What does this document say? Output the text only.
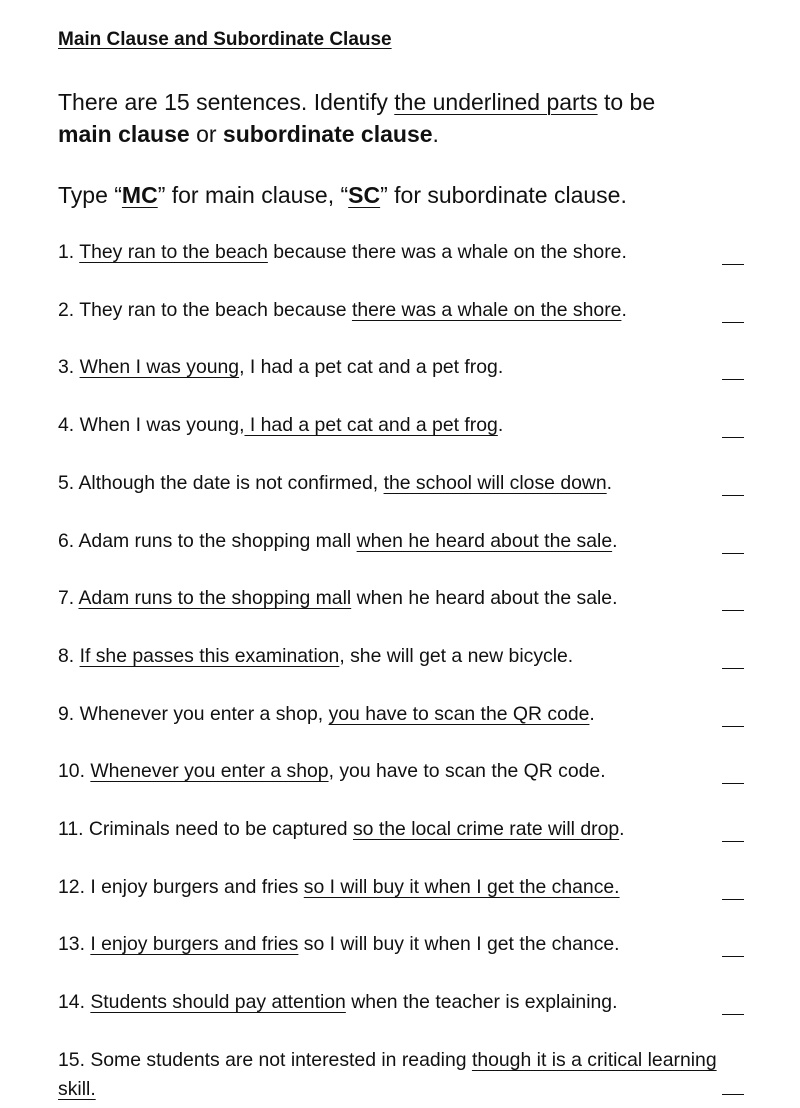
Main Clause and Subordinate Clause
There are 15 sentences. Identify the underlined parts to be
main clause or subordinate clause.
Type “MC” for main clause, “SC” for subordinate clause.
1. They ran to the beach because there was a whale on the shore.
2. They ran to the beach because there was a whale on the shore.
3. When I was young, I had a pet cat and a pet frog.
4. When I was young, I had a pet cat and a pet frog.
5. Although the date is not confirmed, the school will close down.
6. Adam runs to the shopping mall when he heard about the sale.
7. Adam runs to the shopping mall when he heard about the sale.
8. If she passes this examination, she will get a new bicycle.
9. Whenever you enter a shop, you have to scan the QR code.
10. Whenever you enter a shop, you have to scan the QR code.
11. Criminals need to be captured so the local crime rate will drop.
12. I enjoy burgers and fries so I will buy it when I get the chance.
13. I enjoy burgers and fries so I will buy it when I get the chance.
14. Students should pay attention when the teacher is explaining.
15. Some students are not interested in reading though it is a critical learning skill.
